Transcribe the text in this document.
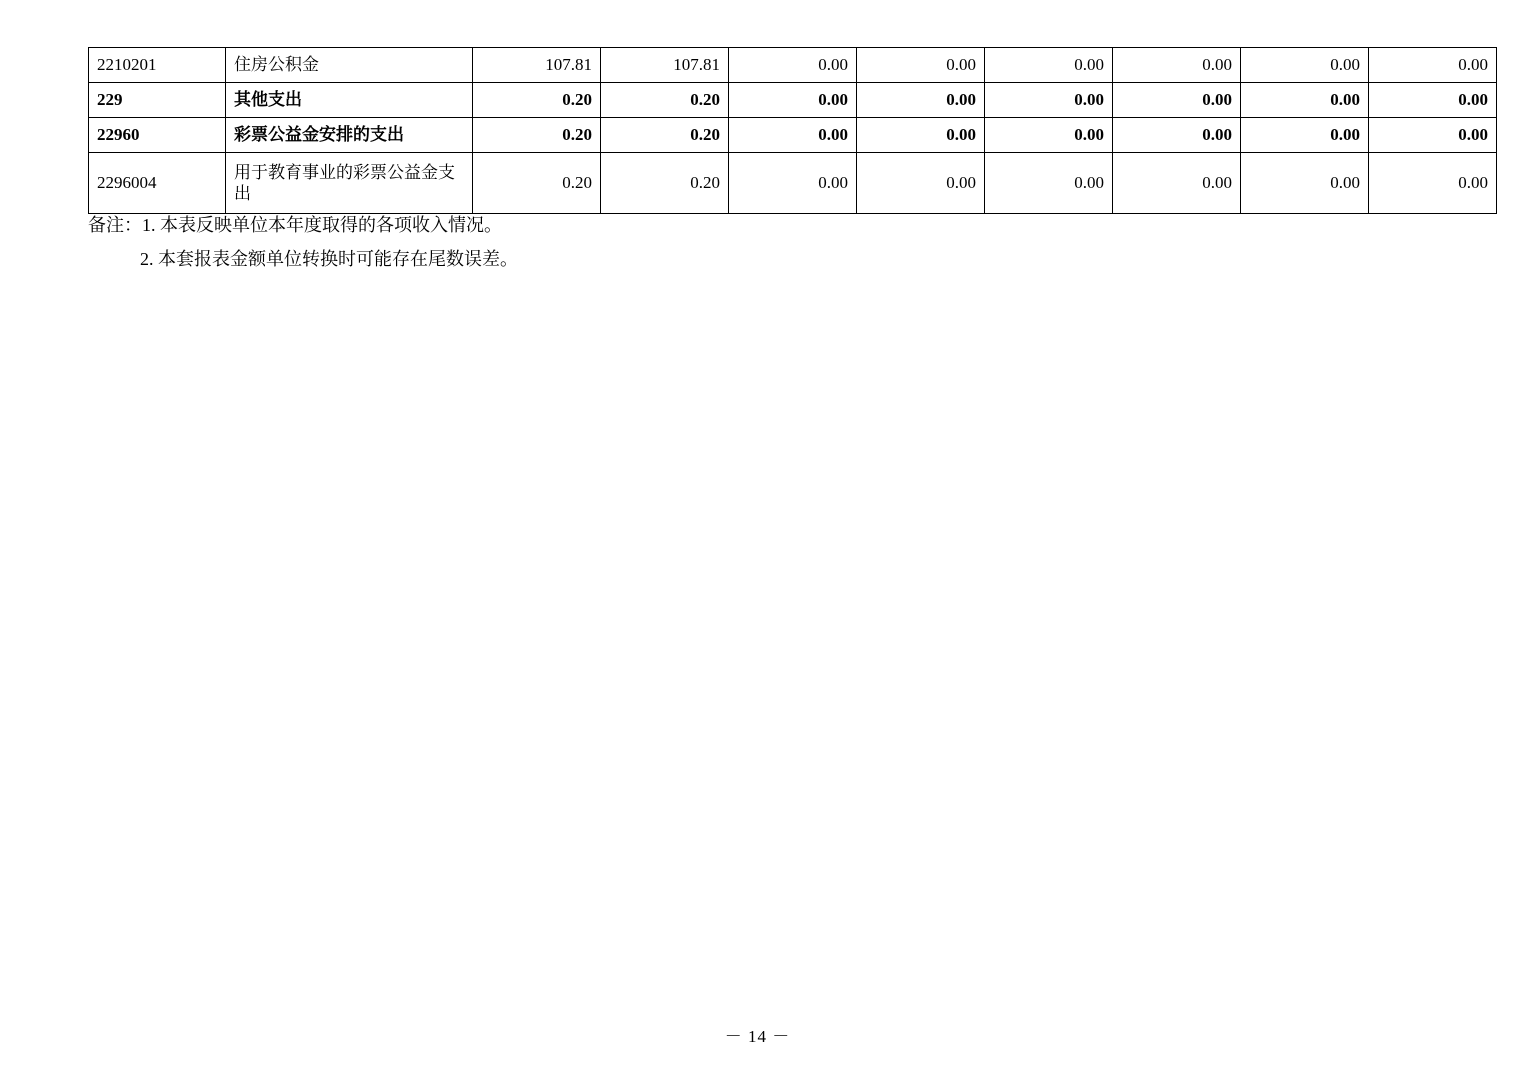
2210201	住房公积金	107.81	107.81	0.00	0.00	0.00	0.00	0.00	0.00
229	其他支出	0.20	0.20	0.00	0.00	0.00	0.00	0.00	0.00
22960	彩票公益金安排的支出	0.20	0.20	0.00	0.00	0.00	0.00	0.00	0.00
2296004	用于教育事业的彩票公益金支出	0.20	0.20	0.00	0.00	0.00	0.00	0.00	0.00
备注：1. 本表反映单位本年度取得的各项收入情况。
2. 本套报表金额单位转换时可能存在尾数误差。
－ 14 －
